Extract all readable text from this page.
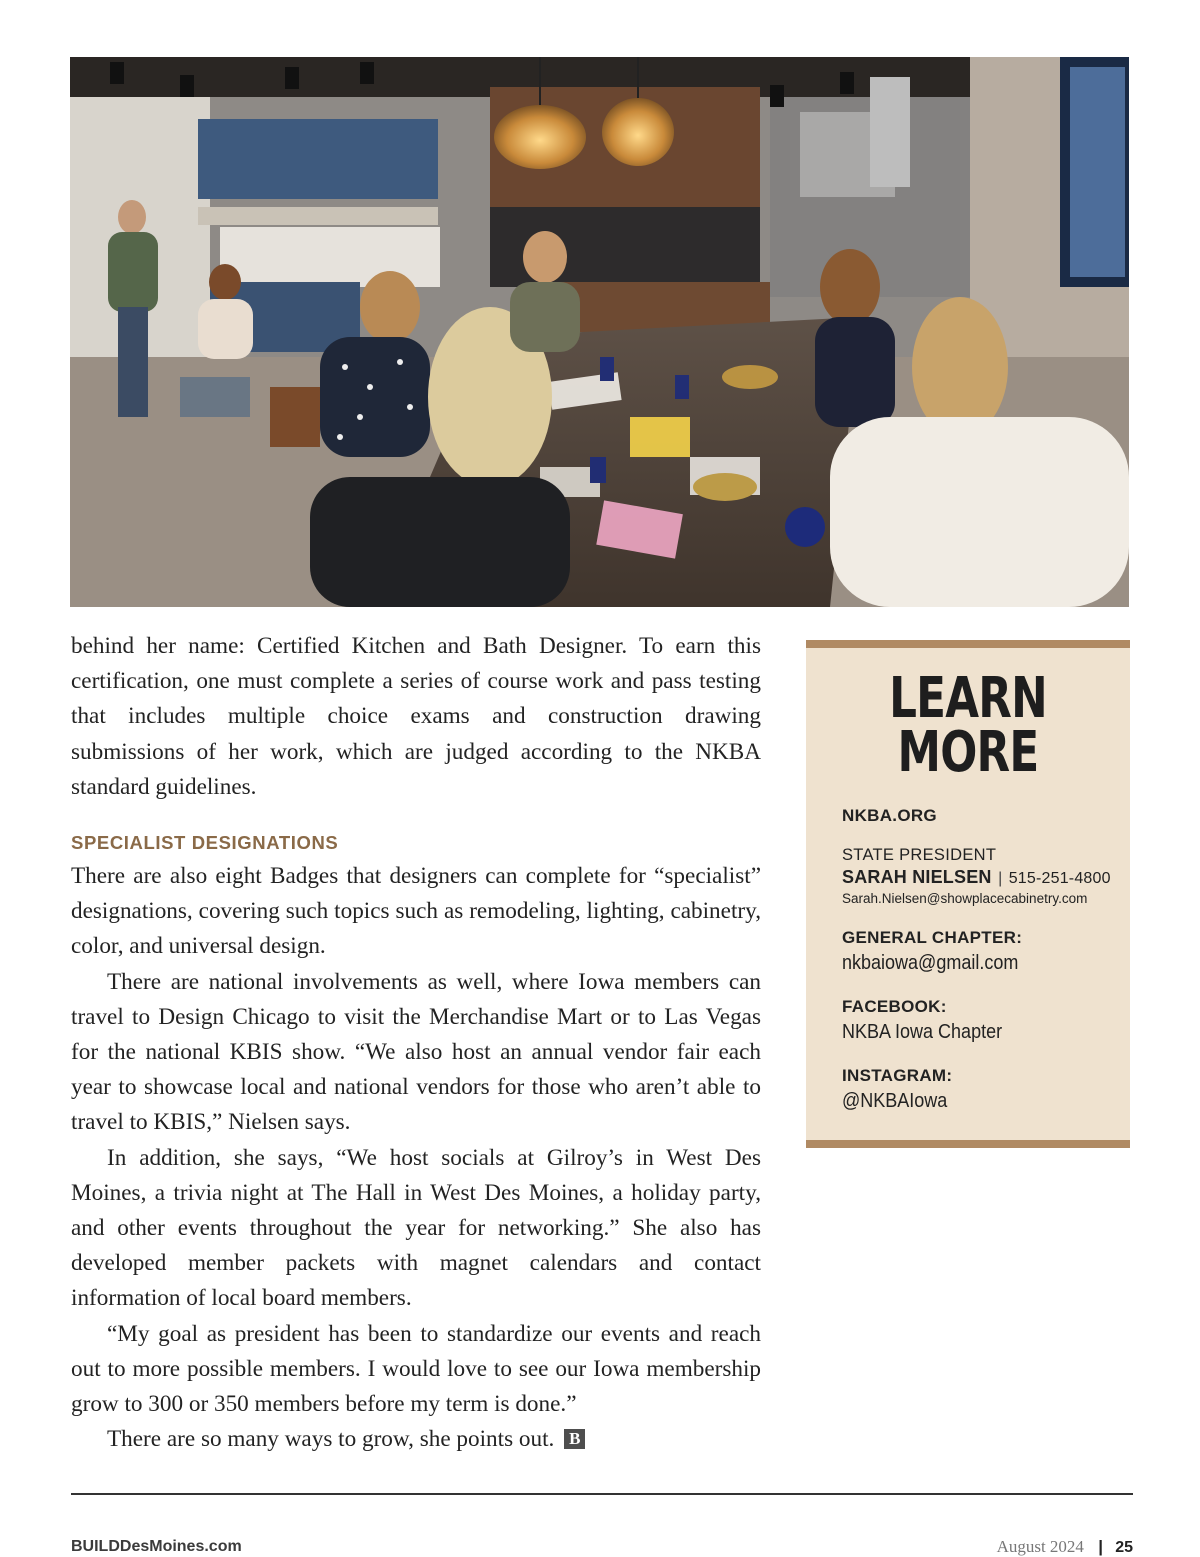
behind her name: Certified Kitchen and Bath Designer. To earn this certification, one must complete a series of course work and pass testing that includes multiple choice exams and construction drawing submissions of her work, which are judged according to the NKBA standard guidelines.

SPECIALIST DESIGNATIONS

There are also eight Badges that designers can complete for “specialist” designations, covering such topics such as remodeling, lighting, cabinetry, color, and universal design.

There are national involvements as well, where Iowa members can travel to Design Chicago to visit the Merchandise Mart or to Las Vegas for the national KBIS show. “We also host an annual vendor fair each year to showcase local and national vendors for those who aren’t able to travel to KBIS,” Nielsen says.

In addition, she says, “We host socials at Gilroy’s in West Des Moines, a trivia night at The Hall in West Des Moines, a holiday party, and other events throughout the year for networking.” She also has developed member packets with magnet calendars and contact information of local board members.

“My goal as president has been to standardize our events and reach out to more possible members. I would love to see our Iowa membership grow to 300 or 350 members before my term is done.”

There are so many ways to grow, she points out. B

LEARN
MORE
NKBA.ORG
STATE PRESIDENT
SARAH NIELSEN | 515-251-4800
Sarah.Nielsen@showplacecabinetry.com
GENERAL CHAPTER:
nkbaiowa@gmail.com
FACEBOOK:
NKBA Iowa Chapter
INSTAGRAM:
@NKBAIowa
BUILDDesMoines.com	August 2024 | 25
